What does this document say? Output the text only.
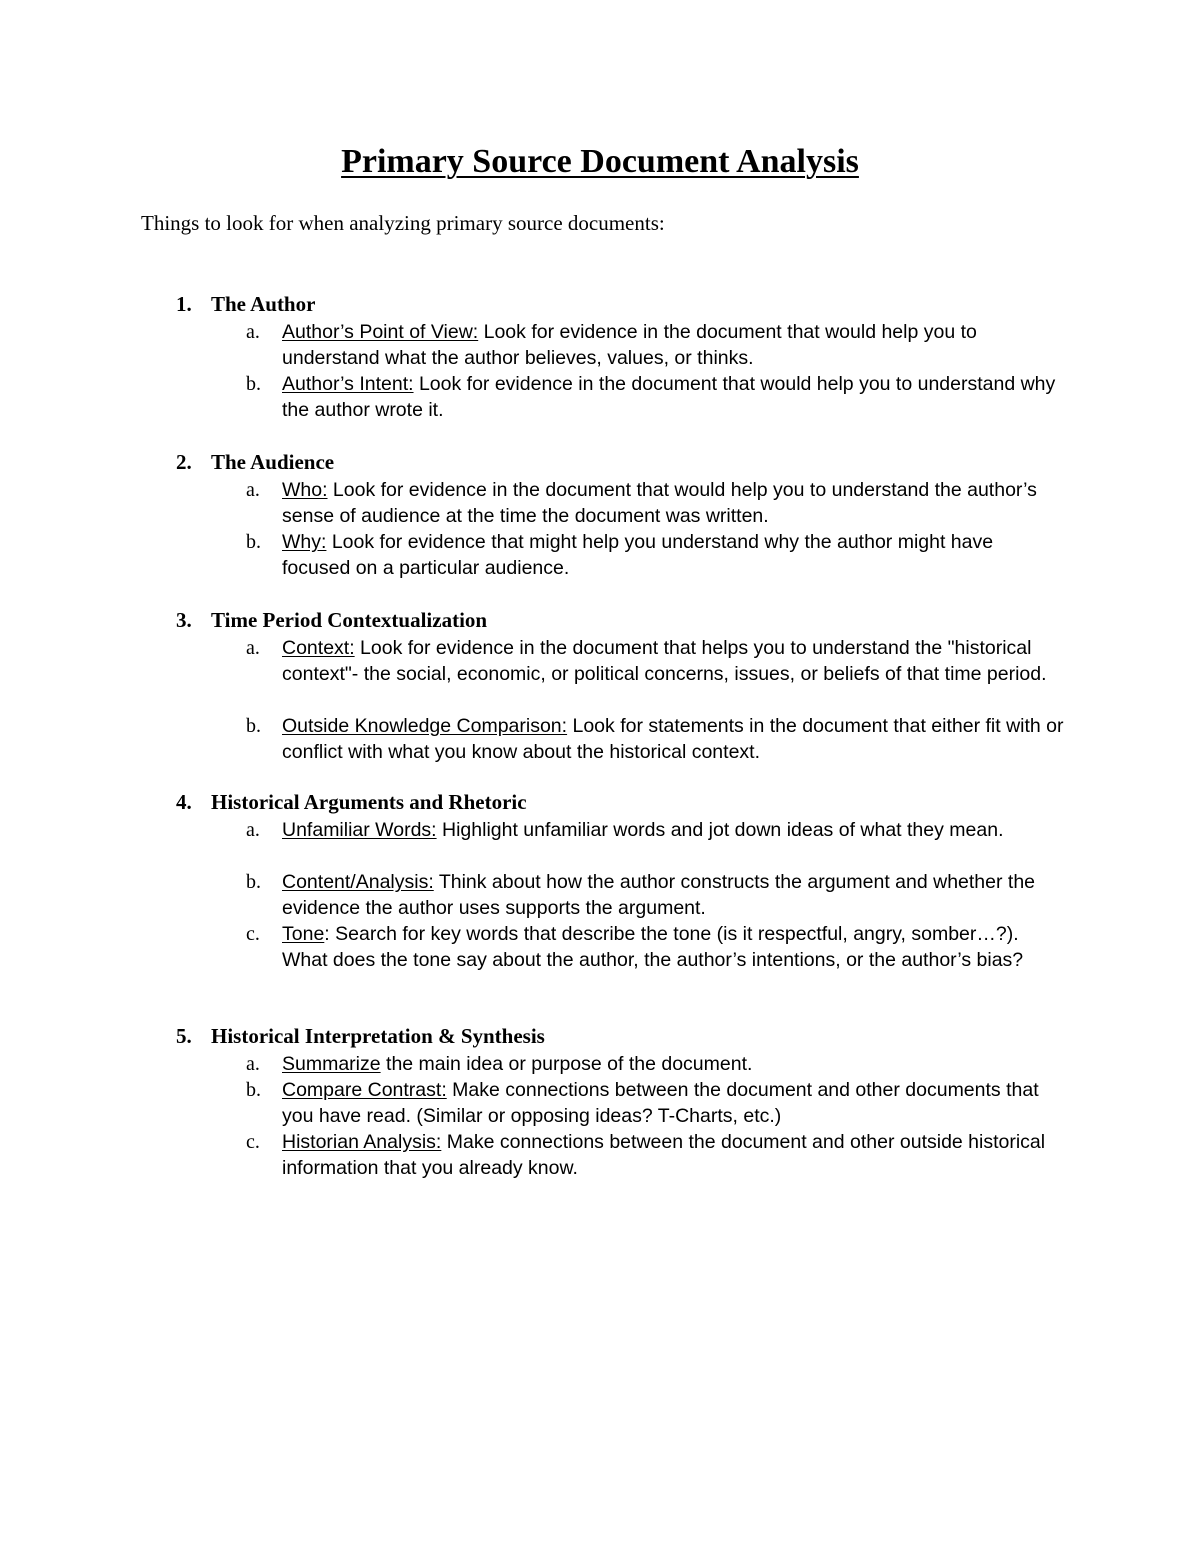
Primary Source Document Analysis

Things to look for when analyzing primary source documents:

1. The Author
a. Author’s Point of View: Look for evidence in the document that would help you to understand what the author believes, values, or thinks.
b. Author’s Intent: Look for evidence in the document that would help you to understand why the author wrote it.
2. The Audience
a. Who: Look for evidence in the document that would help you to understand the author’s sense of audience at the time the document was written.
b. Why: Look for evidence that might help you understand why the author might have focused on a particular audience.
3. Time Period Contextualization
a. Context: Look for evidence in the document that helps you to understand the "historical context"- the social, economic, or political concerns, issues, or beliefs of that time period.
b. Outside Knowledge Comparison: Look for statements in the document that either fit with or conflict with what you know about the historical context.
4. Historical Arguments and Rhetoric
a. Unfamiliar Words: Highlight unfamiliar words and jot down ideas of what they mean.
b. Content/Analysis: Think about how the author constructs the argument and whether the evidence the author uses supports the argument.
c. Tone: Search for key words that describe the tone (is it respectful, angry, somber…?). What does the tone say about the author, the author’s intentions, or the author’s bias?
5. Historical Interpretation & Synthesis
a. Summarize the main idea or purpose of the document.
b. Compare Contrast: Make connections between the document and other documents that you have read. (Similar or opposing ideas? T-Charts, etc.)
c. Historian Analysis: Make connections between the document and other outside historical information that you already know.
